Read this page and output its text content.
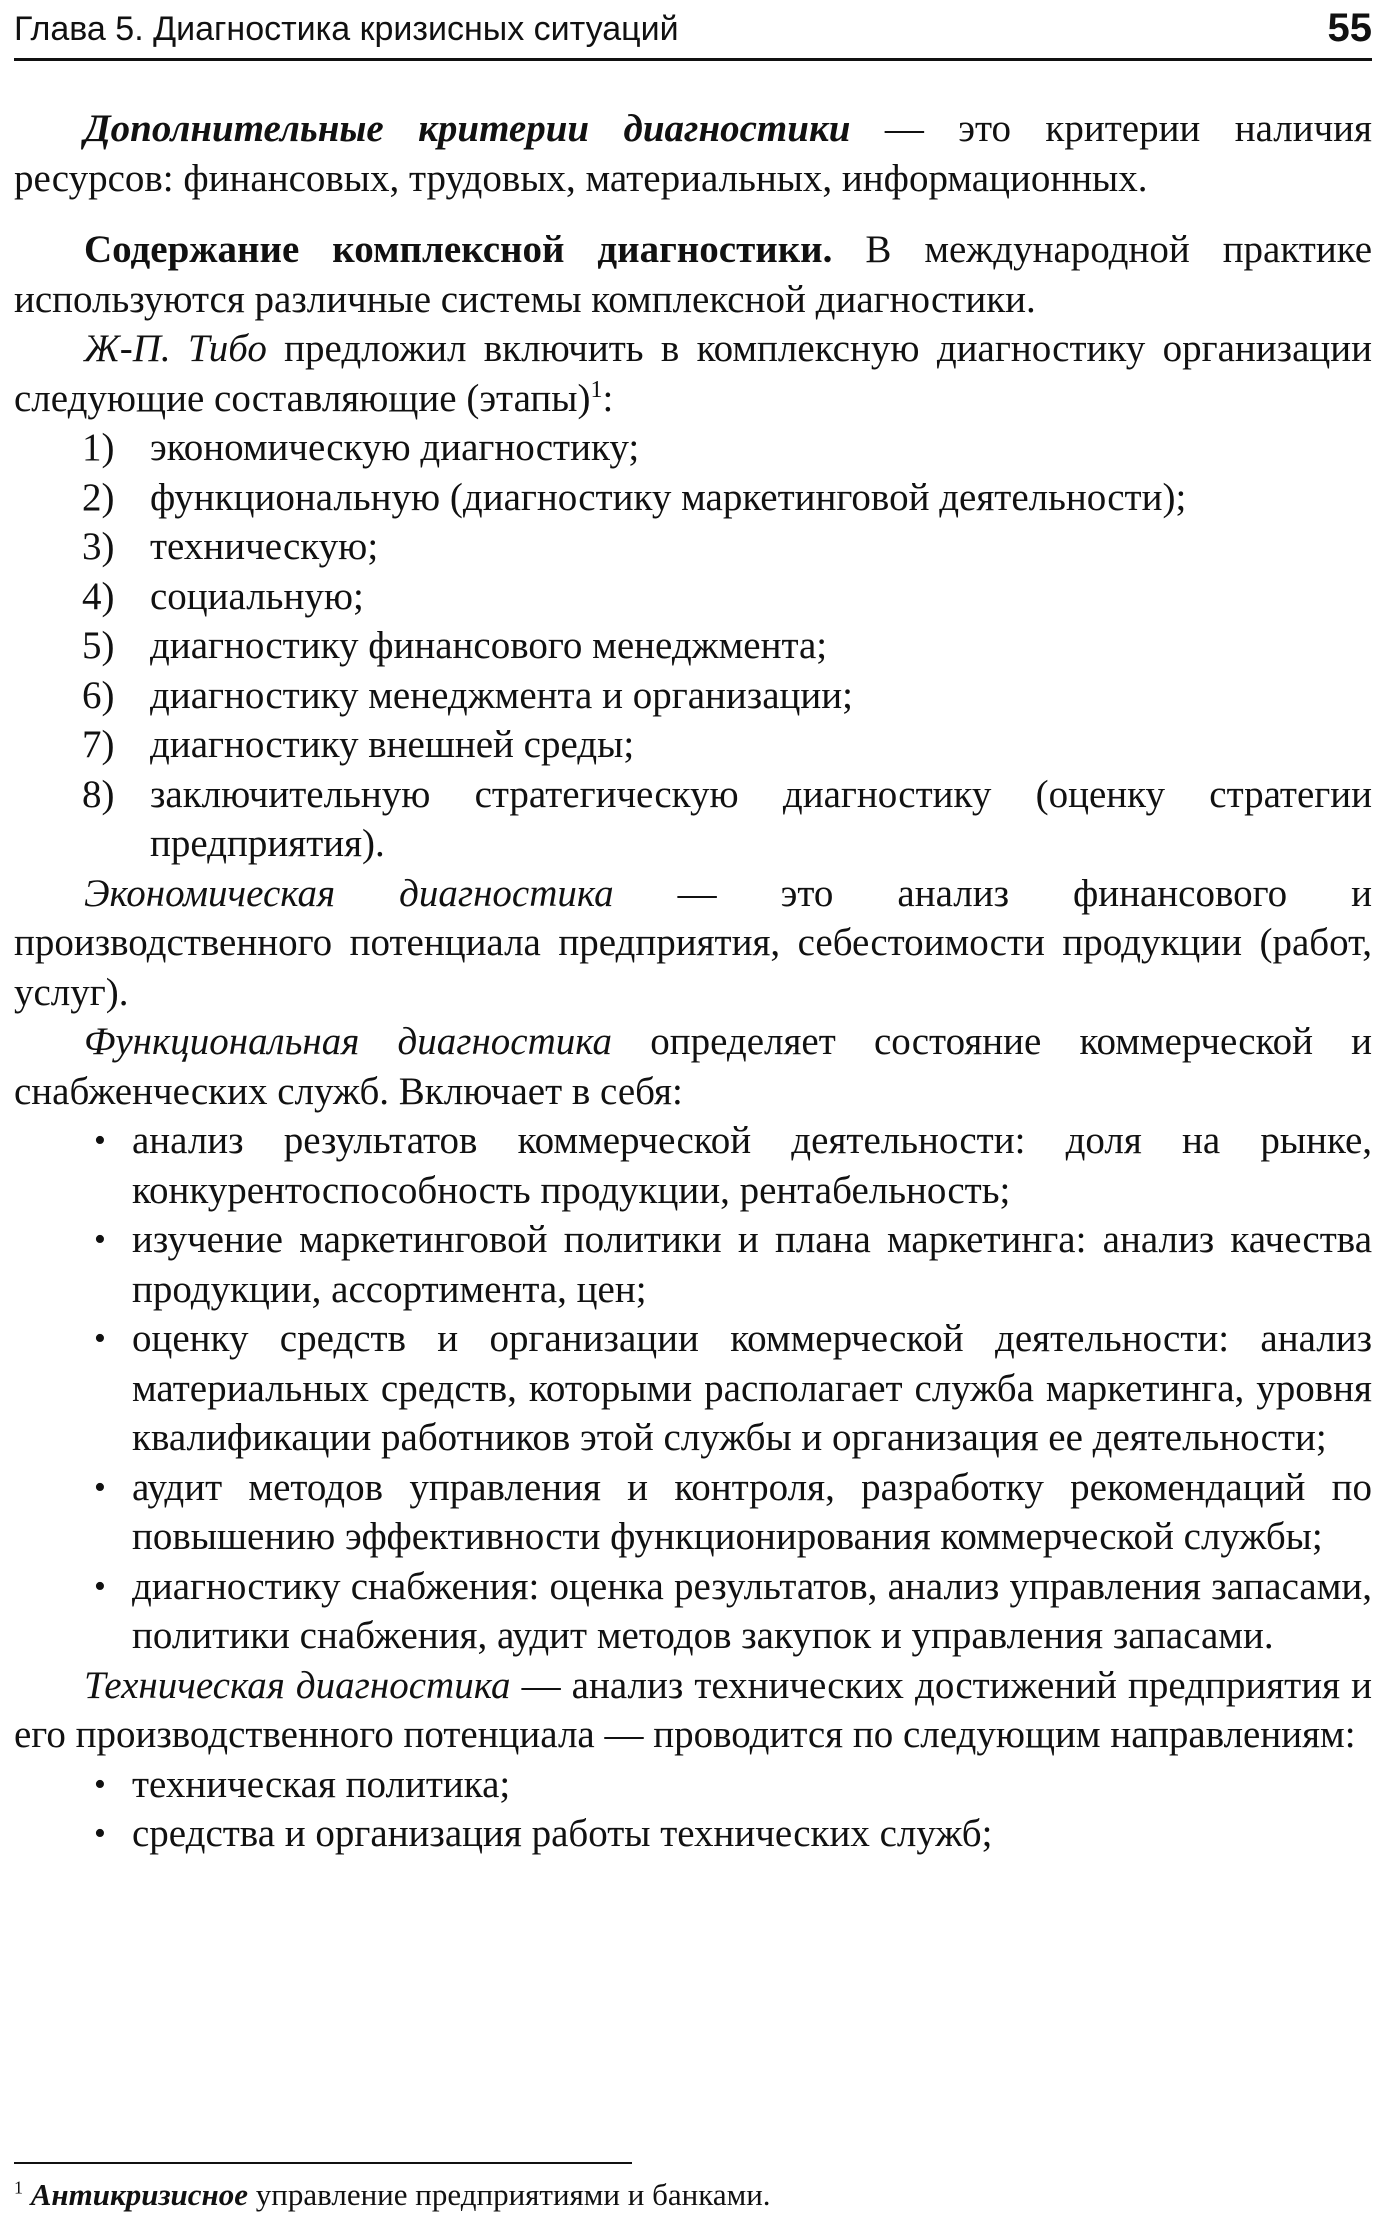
Глава 5. Диагностика кризисных ситуаций	55

Дополнительные критерии диагностики — это критерии наличия ресурсов: финансовых, трудовых, материальных, информационных.

Содержание комплексной диагностики. В международной практике используются различные системы комплексной диагностики.

Ж-П. Тибо предложил включить в комплексную диагностику организации следующие составляющие (этапы)$^1$:

1) экономическую диагностику;
2) функциональную (диагностику маркетинговой деятельности);
3) техническую;
4) социальную;
5) диагностику финансового менеджмента;
6) диагностику менеджмента и организации;
7) диагностику внешней среды;
8) заключительную стратегическую диагностику (оценку стратегии предприятия).

Экономическая диагностика — это анализ финансового и производственного потенциала предприятия, себестоимости продукции (работ, услуг).

Функциональная диагностика определяет состояние коммерческой и снабженческих служб. Включает в себя:

• анализ результатов коммерческой деятельности: доля на рынке, конкурентоспособность продукции, рентабельность;
• изучение маркетинговой политики и плана маркетинга: анализ качества продукции, ассортимента, цен;
• оценку средств и организации коммерческой деятельности: анализ материальных средств, которыми располагает служба маркетинга, уровня квалификации работников этой службы и организация ее деятельности;
• аудит методов управления и контроля, разработку рекомендаций по повышению эффективности функционирования коммерческой службы;
• диагностику снабжения: оценка результатов, анализ управления запасами, политики снабжения, аудит методов закупок и управления запасами.

Техническая диагностика — анализ технических достижений предприятия и его производственного потенциала — проводится по следующим направлениям:

• техническая политика;
• средства и организация работы технических служб;
$^1$ Антикризисное управление предприятиями и банками.
